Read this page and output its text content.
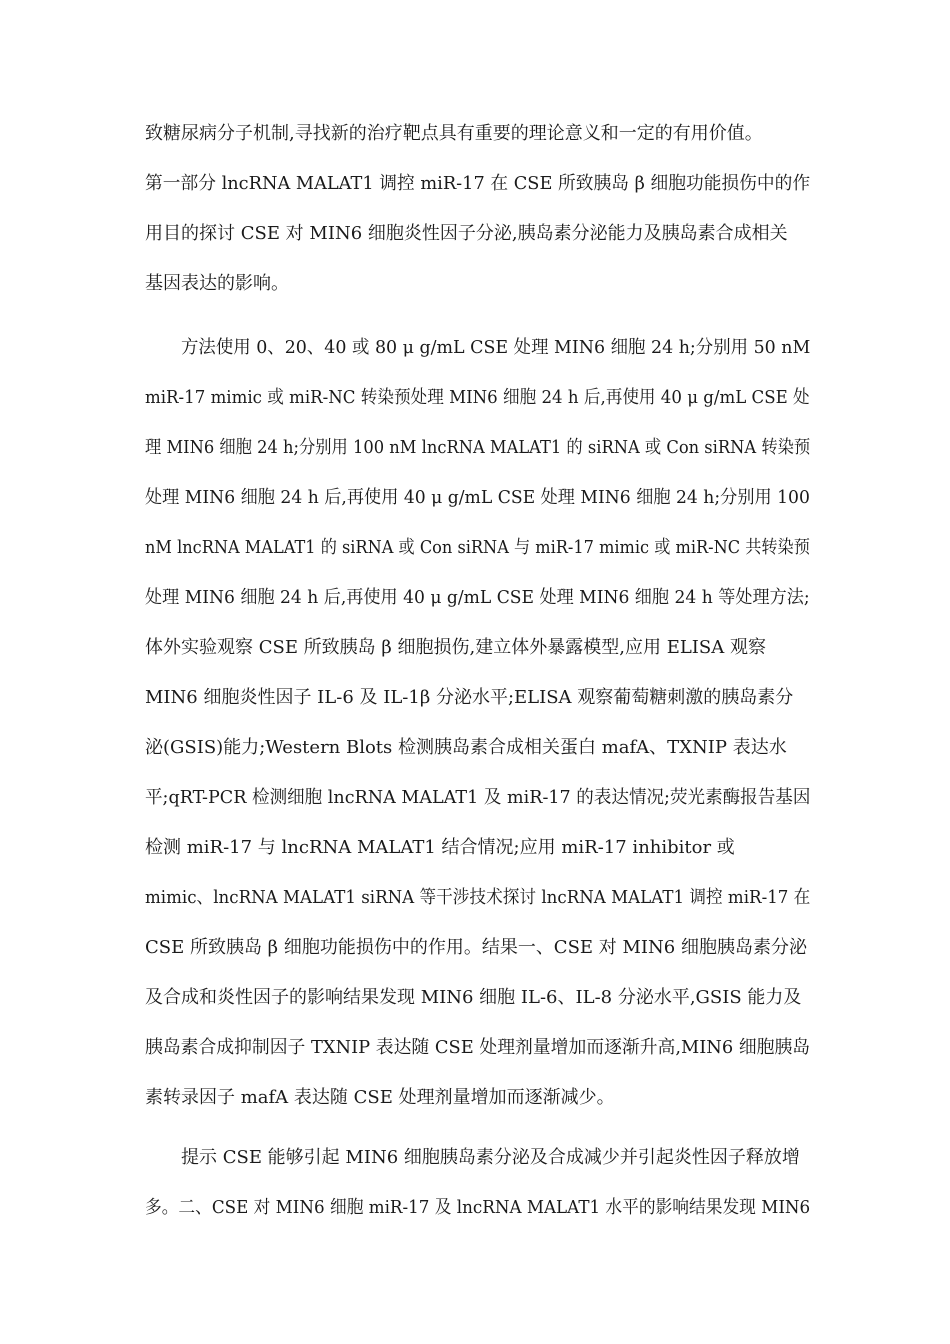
致糖尿病分子机制,寻找新的治疗靶点具有重要的理论意义和一定的有用价值。
第一部分 lncRNA MALAT1 调控 miR-17 在 CSE 所致胰岛 β 细胞功能损伤中的作
用目的探讨 CSE 对 MIN6 细胞炎性因子分泌,胰岛素分泌能力及胰岛素合成相关
基因表达的影响。
方法使用 0、20、40 或 80 μ g/mL CSE 处理 MIN6 细胞 24 h;分别用 50 nM
miR-17 mimic 或 miR-NC 转染预处理 MIN6 细胞 24 h 后,再使用 40 μ g/mL CSE 处
理 MIN6 细胞 24 h;分别用 100 nM lncRNA MALAT1 的 siRNA 或 Con siRNA 转染预
处理 MIN6 细胞 24 h 后,再使用 40 μ g/mL CSE 处理 MIN6 细胞 24 h;分别用 100
nM lncRNA MALAT1 的 siRNA 或 Con siRNA 与 miR-17 mimic 或 miR-NC 共转染预
处理 MIN6 细胞 24 h 后,再使用 40 μ g/mL CSE 处理 MIN6 细胞 24 h 等处理方法;
体外实验观察 CSE 所致胰岛 β 细胞损伤,建立体外暴露模型,应用 ELISA 观察
MIN6 细胞炎性因子 IL-6 及 IL-1β 分泌水平;ELISA 观察葡萄糖刺激的胰岛素分
泌(GSIS)能力;Western Blots 检测胰岛素合成相关蛋白 mafA、TXNIP 表达水
平;qRT-PCR 检测细胞 lncRNA MALAT1 及 miR-17 的表达情况;荧光素酶报告基因
检测 miR-17 与 lncRNA MALAT1 结合情况;应用 miR-17 inhibitor 或
mimic、lncRNA MALAT1 siRNA 等干涉技术探讨 lncRNA MALAT1 调控 miR-17 在
CSE 所致胰岛 β 细胞功能损伤中的作用。结果一、CSE 对 MIN6 细胞胰岛素分泌
及合成和炎性因子的影响结果发现 MIN6 细胞 IL-6、IL-8 分泌水平,GSIS 能力及
胰岛素合成抑制因子 TXNIP 表达随 CSE 处理剂量增加而逐渐升高,MIN6 细胞胰岛
素转录因子 mafA 表达随 CSE 处理剂量增加而逐渐减少。
提示 CSE 能够引起 MIN6 细胞胰岛素分泌及合成减少并引起炎性因子释放增
多。二、CSE 对 MIN6 细胞 miR-17 及 lncRNA MALAT1 水平的影响结果发现 MIN6
